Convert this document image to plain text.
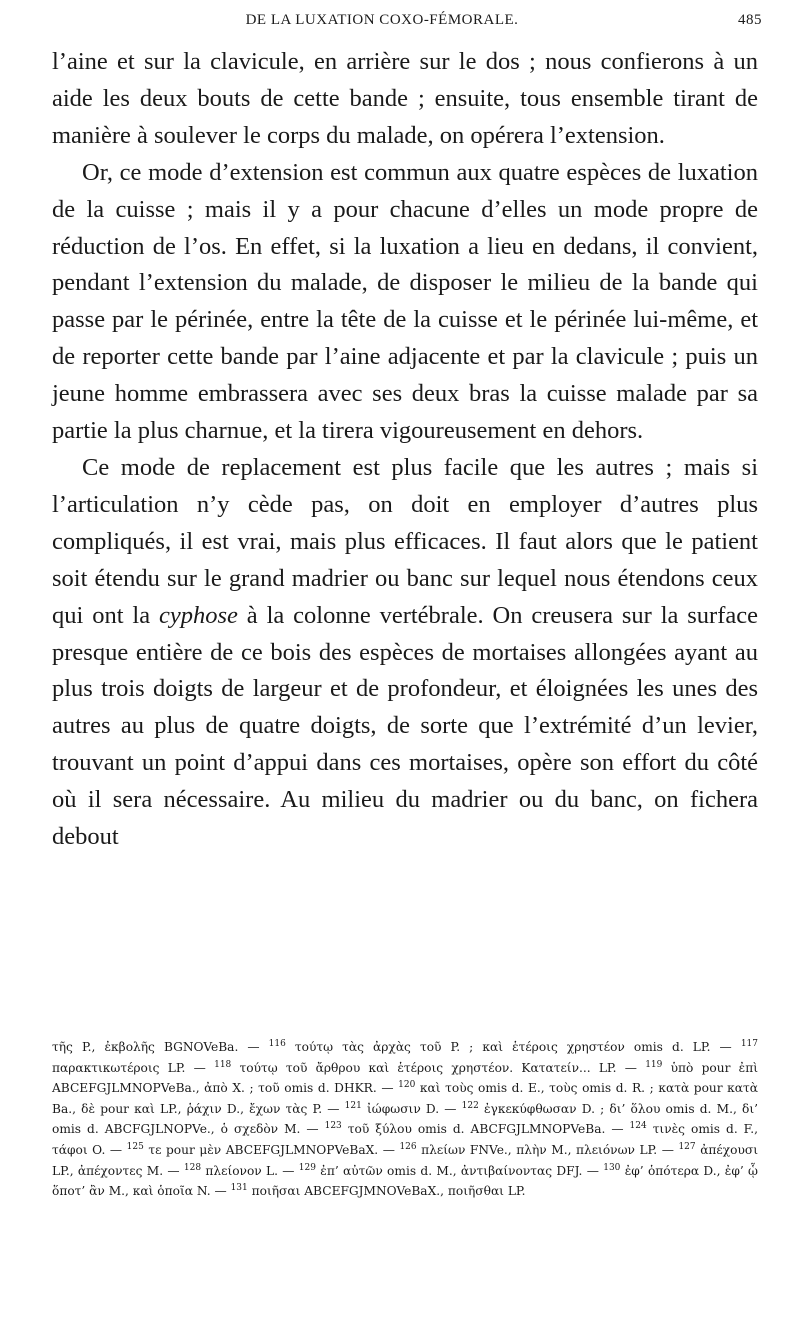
DE LA LUXATION COXO-FÉMORALE.	485

l’aine et sur la clavicule, en arrière sur le dos ; nous confierons à un aide les deux bouts de cette bande ; ensuite, tous ensemble tirant de manière à soulever le corps du malade, on opérera l’extension.

Or, ce mode d’extension est commun aux quatre espèces de luxation de la cuisse ; mais il y a pour chacune d’elles un mode propre de réduction de l’os. En effet, si la luxation a lieu en dedans, il convient, pendant l’extension du malade, de disposer le milieu de la bande qui passe par le périnée, entre la tête de la cuisse et le périnée lui-même, et de reporter cette bande par l’aine adjacente et par la clavicule ; puis un jeune homme embrassera avec ses deux bras la cuisse malade par sa partie la plus charnue, et la tirera vigoureusement en dehors.

Ce mode de replacement est plus facile que les autres ; mais si l’articulation n’y cède pas, on doit en employer d’autres plus compliqués, il est vrai, mais plus efficaces. Il faut alors que le patient soit étendu sur le grand madrier ou banc sur lequel nous étendons ceux qui ont la cyphose à la colonne vertébrale. On creusera sur la surface presque entière de ce bois des espèces de mortaises allongées ayant au plus trois doigts de largeur et de profondeur, et éloignées les unes des autres au plus de quatre doigts, de sorte que l’extrémité d’un levier, trouvant un point d’appui dans ces mortaises, opère son effort du côté où il sera nécessaire. Au milieu du madrier ou du banc, on fichera debout

τῆς P., ἐκβολῆς BGNOVeBa. — $^{116}$ τούτῳ τὰς ἀρχὰς τοῦ P. ; καὶ ἑτέροις χρηστέον omis d. LP. — $^{117}$ παρακτικωτέροις LP. — $^{118}$ τούτῳ τοῦ ἄρθρου καὶ ἑτέροις χρηστέον. Κατατείν... LP. — $^{119}$ ὑπὸ pour ἐπὶ ABCEFGJLMNOPVeBa., ἀπὸ X. ; τοῦ omis d. DHKR. — $^{120}$ καὶ τοὺς omis d. E., τοὺς omis d. R. ; κατὰ pour κατὰ Ba., δὲ pour καὶ LP., ῥάχιν D., ἔχων τὰς P. — $^{121}$ ἰώφωσιν D. — $^{122}$ ἐγκεκύφθωσαν D. ; δι’ ὅλου omis d. M., δι’ omis d. ABCFGJLNOPVe., ὁ σχεδὸν M. — $^{123}$ τοῦ ξύλου omis d. ABCFGJLMNOPVeBa. — $^{124}$ τινὲς omis d. F., τάφοι O. — $^{125}$ τε pour μὲν ABCEFGJLMNOPVeBaX. — $^{126}$ πλείων FNVe., πλὴν M., πλειόνων LP. — $^{127}$ ἀπέχουσι LP., ἀπέχοντες M. — $^{128}$ πλείονον L. — $^{129}$ ἐπ’ αὐτῶν omis d. M., ἀντιβαίνοντας DFJ. — $^{130}$ ἐφ’ ὁπότερα D., ἐφ’ ᾧ ὅποτ’ ἂν M., καὶ ὁποῖα N. — $^{131}$ ποιῆσαι ABCEFGJMNOVeBaX., ποιῆσθαι LP.
